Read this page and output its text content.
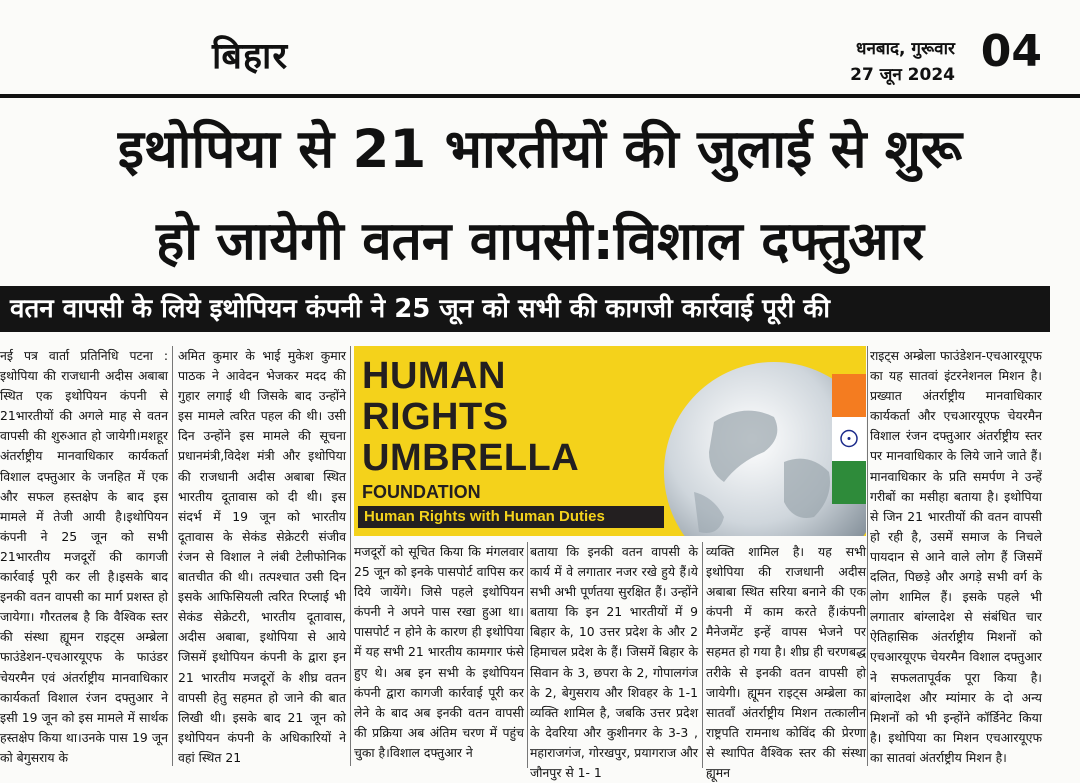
बिहार	धनबाद, गुरूवार
27 जून 2024 04
इथोपिया से 21 भारतीयों की जुलाई से शुरू
हो जायेगी वतन वापसी:विशाल दफ्तुआर
वतन वापसी के लिये इथोपियन कंपनी ने 25 जून को सभी की कागजी कार्रवाई पूरी की
नई पत्र वार्ता प्रतिनिधि पटना : इथोपिया की राजधानी अदीस अबाबा स्थित एक इथोपियन कंपनी से 21भारतीयों की अगले माह से वतन वापसी की शुरुआत हो जायेगी।मशहूर अंतर्राष्ट्रीय मानवाधिकार कार्यकर्ता विशाल दफ्तुआर के जनहित में एक और सफल हस्तक्षेप के बाद इस मामले में तेजी आयी है।इथोपियन कंपनी ने 25 जून को सभी 21भारतीय मजदूरों की कागजी कार्रवाई पूरी कर ली है।इसके बाद इनकी वतन वापसी का मार्ग प्रशस्त हो जायेगा। गौरतलब है कि वैश्विक स्तर की संस्था ह्यूमन राइट्स अम्ब्रेला फाउंडेशन-एचआरयूएफ के फाउंडर चेयरमैन एवं अंतर्राष्ट्रीय मानवाधिकार कार्यकर्ता विशाल रंजन दफ्तुआर ने इसी 19 जून को इस मामले में सार्थक हस्तक्षेप किया था।उनके पास 19 जून को बेगुसराय के
अमित कुमार के भाई मुकेश कुमार पाठक ने आवेदन भेजकर मदद की गुहार लगाई थी जिसके बाद उन्होंने इस मामले त्वरित पहल की थी। उसी दिन उन्होंने इस मामले की सूचना प्रधानमंत्री,विदेश मंत्री और इथोपिया की राजधानी अदीस अबाबा स्थित भारतीय दूतावास को दी थी। इस संदर्भ में 19 जून को भारतीय दूतावास के सेकंड सेक्रेटरी संजीव रंजन से विशाल ने लंबी टेलीफोनिक बातचीत की थी। तत्पश्चात उसी दिन इसके आफिसियली त्वरित रिप्लाई भी सेकंड सेक्रेटरी, भारतीय दूतावास, अदीस अबाबा, इथोपिया से आये जिसमें इथोपियन कंपनी के द्वारा इन 21 भारतीय मजदूरों के शीघ्र वतन वापसी हेतु सहमत हो जाने की बात लिखी थी। इसके बाद 21 जून को इथोपियन कंपनी के अधिकारियों ने वहां स्थित 21
HUMAN
RIGHTS
UMBRELLA
FOUNDATION
Human Rights with Human Duties
मजदूरों को सूचित किया कि मंगलवार 25 जून को इनके पासपोर्ट वापिस कर दिये जायेंगे। जिसे पहले इथोपियन कंपनी ने अपने पास रखा हुआ था।पासपोर्ट न होने के कारण ही इथोपिया में यह सभी 21 भारतीय कामगार फंसे हुए थे। अब इन सभी के इथोपियन कंपनी द्वारा कागजी कार्रवाई पूरी कर लेने के बाद अब इनकी वतन वापसी की प्रक्रिया अब अंतिम चरण में पहुंच चुका है।विशाल दफ्तुआर ने
बताया कि इनकी वतन वापसी के कार्य में वे लगातार नजर रखे हुये हैं।ये सभी अभी पूर्णतया सुरक्षित हैं। उन्होंने बताया कि इन 21 भारतीयों में 9 बिहार के, 10 उत्तर प्रदेश के और 2 हिमाचल प्रदेश के हैं। जिसमें बिहार के सिवान के 3, छपरा के 2, गोपालगंज के 2, बेगुसराय और शिवहर के 1-1 व्यक्ति शामिल है, जबकि उत्तर प्रदेश के देवरिया और कुशीनगर के 3-3 , महाराजगंज, गोरखपुर, प्रयागराज और जौनपुर से 1- 1
व्यक्ति शामिल है। यह सभी इथोपिया की राजधानी अदीस अबाबा स्थित सरिया बनाने की एक कंपनी में काम करते हैं।कंपनी मैनेजमेंट इन्हें वापस भेजने पर सहमत हो गया है। शीघ्र ही चरणबद्ध तरीके से इनकी वतन वापसी हो जायेगी। ह्यूमन राइट्स अम्ब्रेला का सातवाँ अंतर्राष्ट्रीय मिशन तत्कालीन राष्ट्रपति रामनाथ कोविंद की प्रेरणा से स्थापित वैश्विक स्तर की संस्था ह्यूमन
राइट्स अम्ब्रेला फाउंडेशन-एचआरयूएफ का यह सातवां इंटरनेशनल मिशन है।प्रख्यात अंतर्राष्ट्रीय मानवाधिकार कार्यकर्ता और एचआरयूएफ चेयरमैन विशाल रंजन दफ्तुआर अंतर्राष्ट्रीय स्तर पर मानवाधिकार के लिये जाने जाते हैं। मानवाधिकार के प्रति समर्पण ने उन्हें गरीबों का मसीहा बताया है। इथोपिया से जिन 21 भारतीयों की वतन वापसी हो रही है, उसमें समाज के निचले पायदान से आने वाले लोग हैं जिसमें दलित, पिछड़े और अगड़े सभी वर्ग के लोग शामिल हैं। इसके पहले भी लगातार बांग्लादेश से संबंधित चार ऐतिहासिक अंतर्राष्ट्रीय मिशनों को एचआरयूएफ चेयरमैन विशाल दफ्तुआर ने सफलतापूर्वक पूरा किया है। बांग्लादेश और म्यांमार के दो अन्य मिशनों को भी इन्होंने कॉर्डिनेट किया है। इथोपिया का मिशन एचआरयूएफ का सातवां अंतर्राष्ट्रीय मिशन है।
